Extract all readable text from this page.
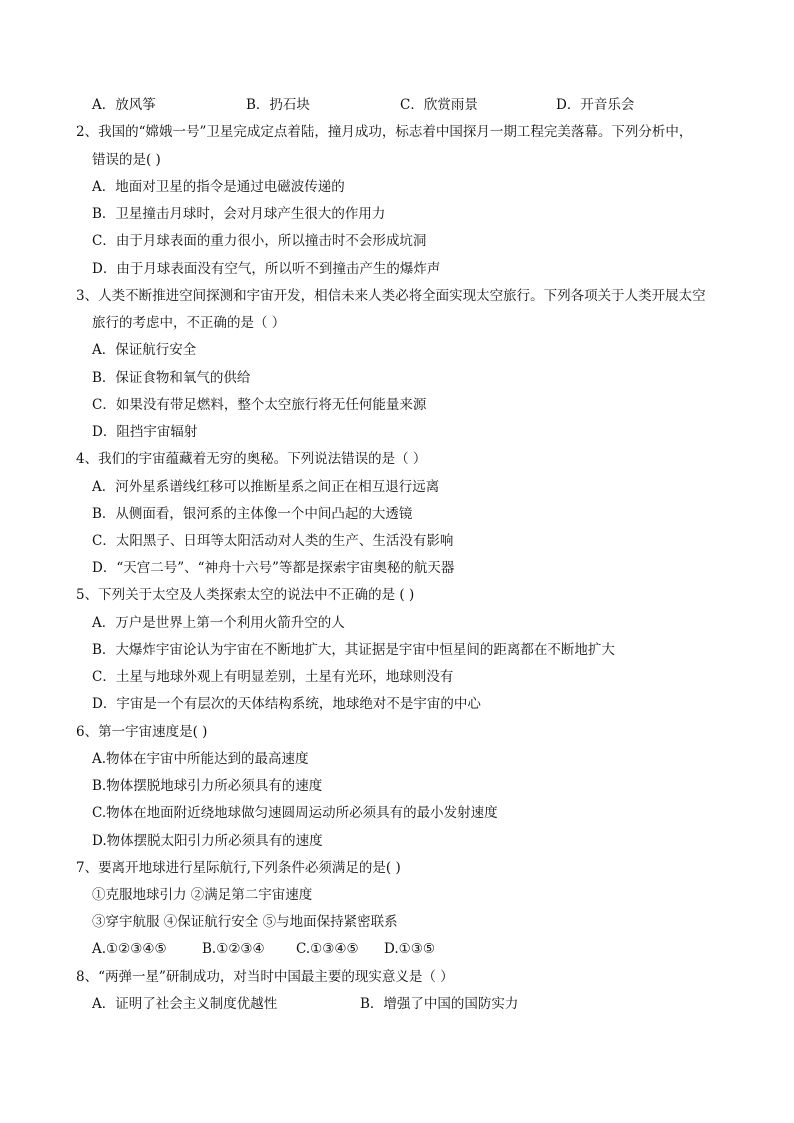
A．放风筝	B．扔石块	C．欣赏雨景	D．开音乐会
2、我国的“嫦娥一号”卫星完成定点着陆，撞月成功，标志着中国探月一期工程完美落幕。下列分析中，
错误的是( )
A．地面对卫星的指令是通过电磁波传递的
B．卫星撞击月球时，会对月球产生很大的作用力
C．由于月球表面的重力很小，所以撞击时不会形成坑洞
D．由于月球表面没有空气，所以听不到撞击产生的爆炸声
3、人类不断推进空间探测和宇宙开发，相信未来人类必将全面实现太空旅行。下列各项关于人类开展太空
旅行的考虑中，不正确的是（ ）
A．保证航行安全
B．保证食物和氧气的供给
C．如果没有带足燃料，整个太空旅行将无任何能量来源
D．阻挡宇宙辐射
4、我们的宇宙蕴藏着无穷的奥秘。下列说法错误的是（ ）
A．河外星系谱线红移可以推断星系之间正在相互退行远离
B．从侧面看，银河系的主体像一个中间凸起的大透镜
C．太阳黑子、日珥等太阳活动对人类的生产、生活没有影响
D．“天宫二号”、“神舟十六号”等都是探索宇宙奥秘的航天器
5、下列关于太空及人类探索太空的说法中不正确的是 ( )
A．万户是世界上第一个利用火箭升空的人
B．大爆炸宇宙论认为宇宙在不断地扩大，其证据是宇宙中恒星间的距离都在不断地扩大
C．土星与地球外观上有明显差别，土星有光环，地球则没有
D．宇宙是一个有层次的天体结构系统，地球绝对不是宇宙的中心
6、第一宇宙速度是( )
A.物体在宇宙中所能达到的最高速度
B.物体摆脱地球引力所必须具有的速度
C.物体在地面附近绕地球做匀速圆周运动所必须具有的最小发射速度
D.物体摆脱太阳引力所必须具有的速度
7、要离开地球进行星际航行,下列条件必须满足的是( )
①克服地球引力 ②满足第二宇宙速度
③穿宇航服 ④保证航行安全 ⑤与地面保持紧密联系
A.①②③④⑤	B.①②③④ C.①③④⑤ D.①③⑤
8、“两弹一星”研制成功，对当时中国最主要的现实意义是（ ）
A．证明了社会主义制度优越性	B．增强了中国的国防实力
